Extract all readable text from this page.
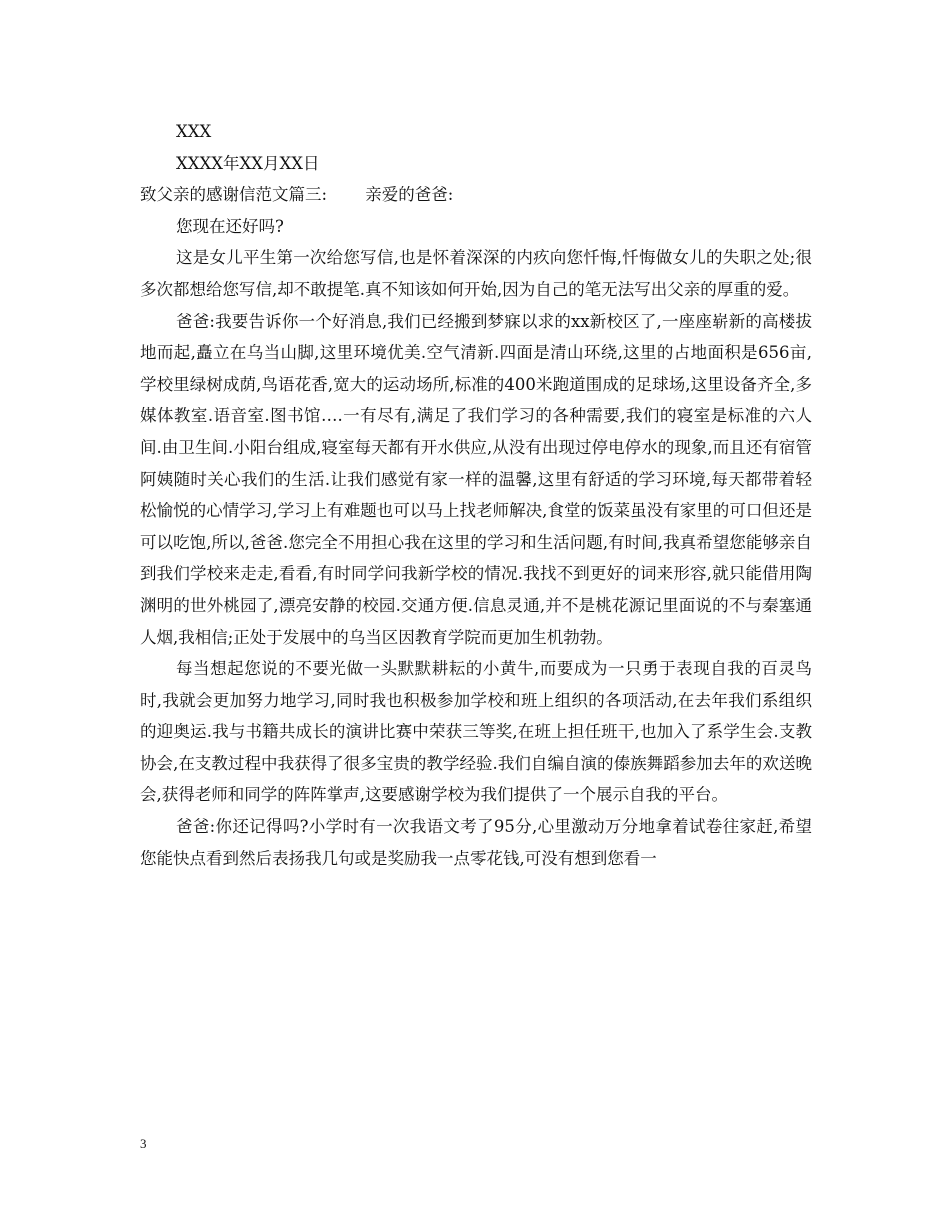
XXX
XXXX年XX月XX日
致父亲的感谢信范文篇三:　　 亲爱的爸爸:
您现在还好吗?

这是女儿平生第一次给您写信,也是怀着深深的内疚向您忏悔,忏悔做女儿的失职之处;很多次都想给您写信,却不敢提笔.真不知该如何开始,因为自己的笔无法写出父亲的厚重的爱。

爸爸:我要告诉你一个好消息,我们已经搬到梦寐以求的xx新校区了,一座座崭新的高楼拔地而起,矗立在乌当山脚,这里环境优美.空气清新.四面是清山环绕,这里的占地面积是656亩,学校里绿树成荫,鸟语花香,宽大的运动场所,标准的400米跑道围成的足球场,这里设备齐全,多媒体教室.语音室.图书馆….一有尽有,满足了我们学习的各种需要,我们的寝室是标准的六人间.由卫生间.小阳台组成,寝室每天都有开水供应,从没有出现过停电停水的现象,而且还有宿管阿姨随时关心我们的生活.让我们感觉有家一样的温馨,这里有舒适的学习环境,每天都带着轻松愉悦的心情学习,学习上有难题也可以马上找老师解决,食堂的饭菜虽没有家里的可口但还是可以吃饱,所以,爸爸.您完全不用担心我在这里的学习和生活问题,有时间,我真希望您能够亲自到我们学校来走走,看看,有时同学问我新学校的情况.我找不到更好的词来形容,就只能借用陶渊明的世外桃园了,漂亮安静的校园.交通方便.信息灵通,并不是桃花源记里面说的不与秦塞通人烟,我相信;正处于发展中的乌当区因教育学院而更加生机勃勃。

每当想起您说的不要光做一头默默耕耘的小黄牛,而要成为一只勇于表现自我的百灵鸟时,我就会更加努力地学习,同时我也积极参加学校和班上组织的各项活动,在去年我们系组织的迎奥运.我与书籍共成长的演讲比赛中荣获三等奖,在班上担任班干,也加入了系学生会.支教协会,在支教过程中我获得了很多宝贵的教学经验.我们自编自演的傣族舞蹈参加去年的欢送晚会,获得老师和同学的阵阵掌声,这要感谢学校为我们提供了一个展示自我的平台。

爸爸:你还记得吗?小学时有一次我语文考了95分,心里激动万分地拿着试卷往家赶,希望您能快点看到然后表扬我几句或是奖励我一点零花钱,可没有想到您看一

3
